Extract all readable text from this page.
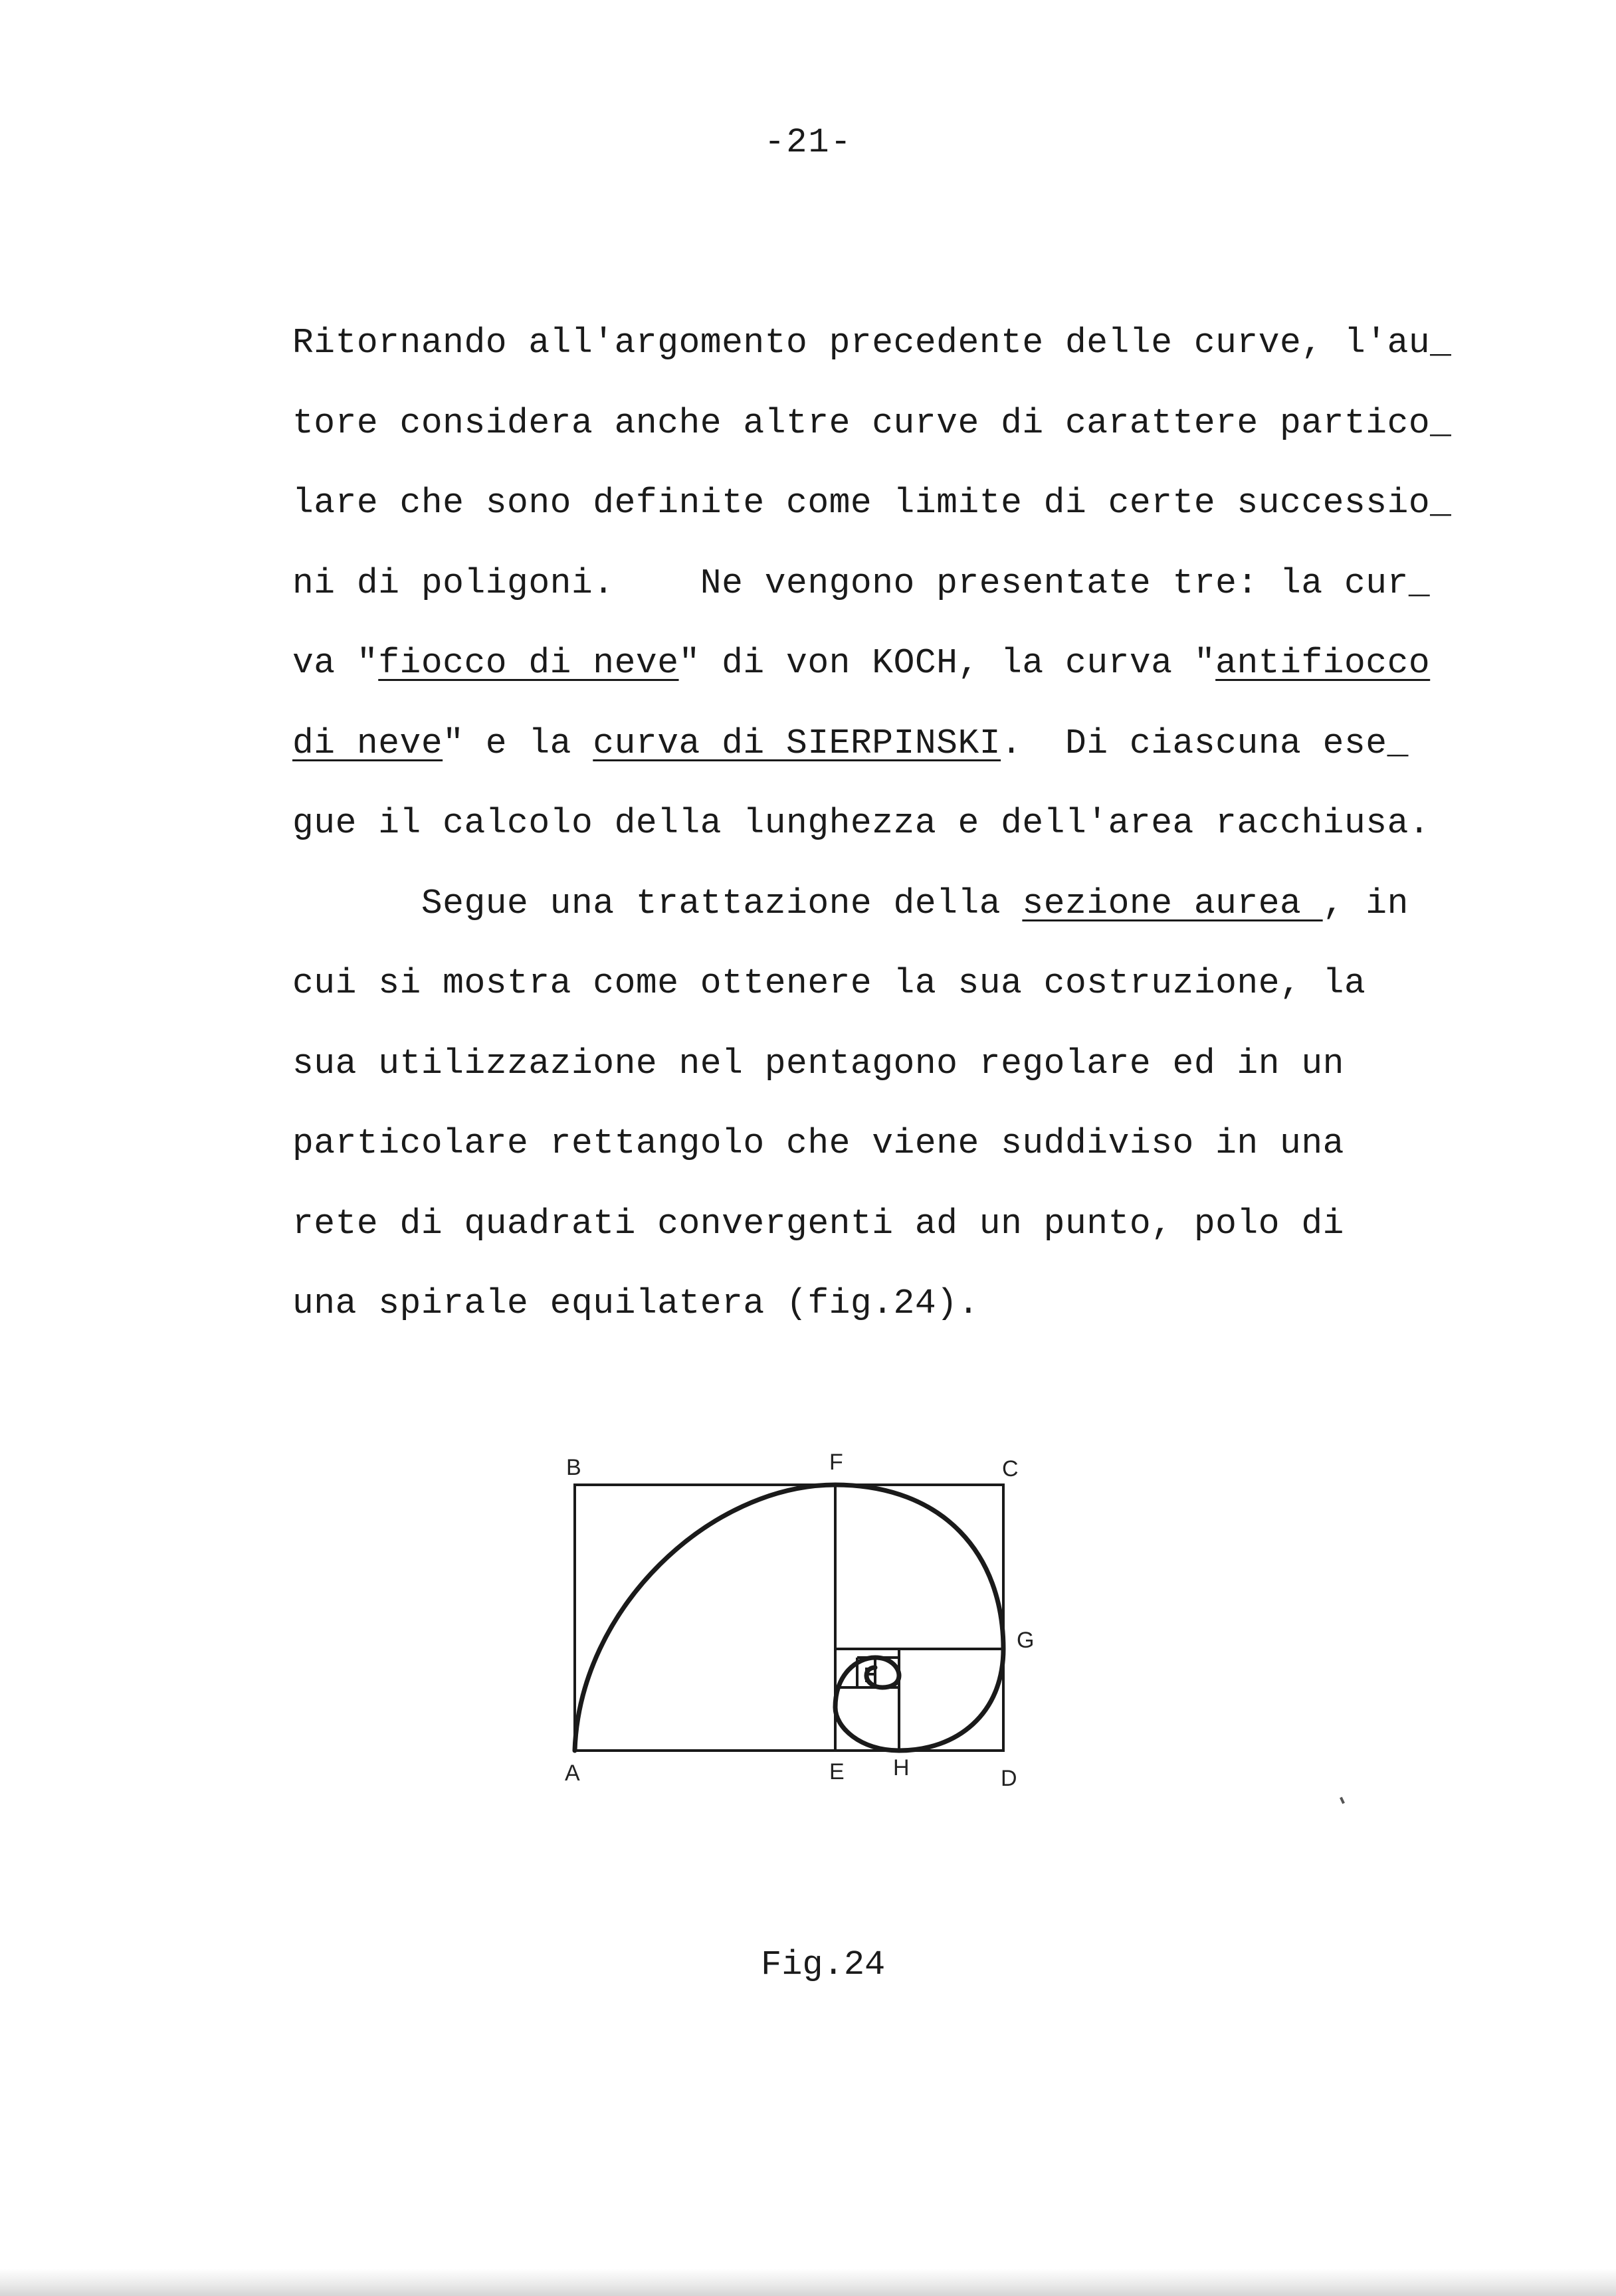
-21-
Ritornando all'argomento precedente delle curve, l'au_
tore considera anche altre curve di carattere partico_
lare che sono definite come limite di certe successio_
ni di poligoni.    Ne vengono presentate tre: la cur_
va "fiocco di neve" di von KOCH, la curva "antifiocco
di neve" e la curva di SIERPINSKI.  Di ciascuna ese_
gue il calcolo della lunghezza e dell'area racchiusa.
Segue una trattazione della sezione aurea , in
cui si mostra come ottenere la sua costruzione, la
sua utilizzazione nel pentagono regolare ed in un
particolare rettangolo che viene suddiviso in una
rete di quadrati convergenti ad un punto, polo di
una spirale equilatera (fig.24).
B	F	C
G
A	E H	D
Fig.24
